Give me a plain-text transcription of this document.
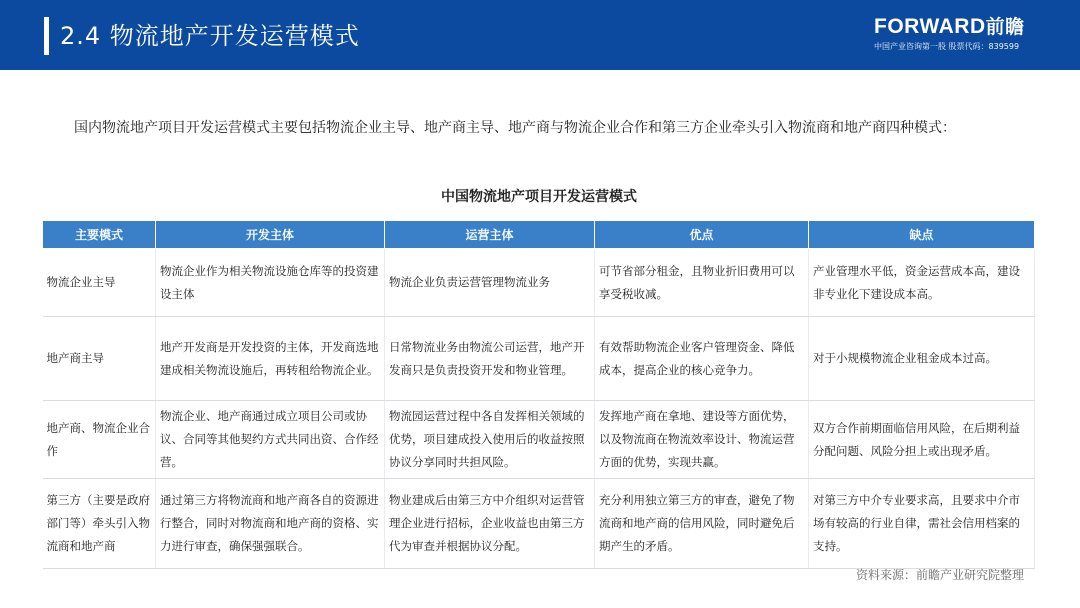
2.4 物流地产开发运营模式	FORWARD前瞻
中国产业咨询第一股 股票代码：839599

国内物流地产项目开发运营模式主要包括物流企业主导、地产商主导、地产商与物流企业合作和第三方企业牵头引入物流商和地产商四种模式：

中国物流地产项目开发运营模式
主要模式	开发主体	运营主体	优点	缺点
物流企业主导	物流企业作为相关物流设施仓库等的投资建设主体	物流企业负责运营管理物流业务	可节省部分租金，且物业折旧费用可以享受税收减。	产业管理水平低，资金运营成本高，建设非专业化下建设成本高。
地产商主导	地产开发商是开发投资的主体，开发商选地建成相关物流设施后，再转租给物流企业。	日常物流业务由物流公司运营，地产开发商只是负责投资开发和物业管理。	有效帮助物流企业客户管理资金、降低成本，提高企业的核心竞争力。	对于小规模物流企业租金成本过高。
地产商、物流企业合作	物流企业、地产商通过成立项目公司或协议、合同等其他契约方式共同出资、合作经营。	物流园运营过程中各自发挥相关领域的优势，项目建成投入使用后的收益按照协议分享同时共担风险。	发挥地产商在拿地、建设等方面优势，以及物流商在物流效率设计、物流运营方面的优势，实现共赢。	双方合作前期面临信用风险，在后期利益分配问题、风险分担上或出现矛盾。
第三方（主要是政府部门等）牵头引入物流商和地产商	通过第三方将物流商和地产商各自的资源进行整合，同时对物流商和地产商的资格、实力进行审查，确保强强联合。	物业建成后由第三方中介组织对运营管理企业进行招标，企业收益也由第三方代为审查并根据协议分配。	充分利用独立第三方的审查，避免了物流商和地产商的信用风险，同时避免后期产生的矛盾。	对第三方中介专业要求高，且要求中介市场有较高的行业自律，需社会信用档案的支持。
资料来源：前瞻产业研究院整理
